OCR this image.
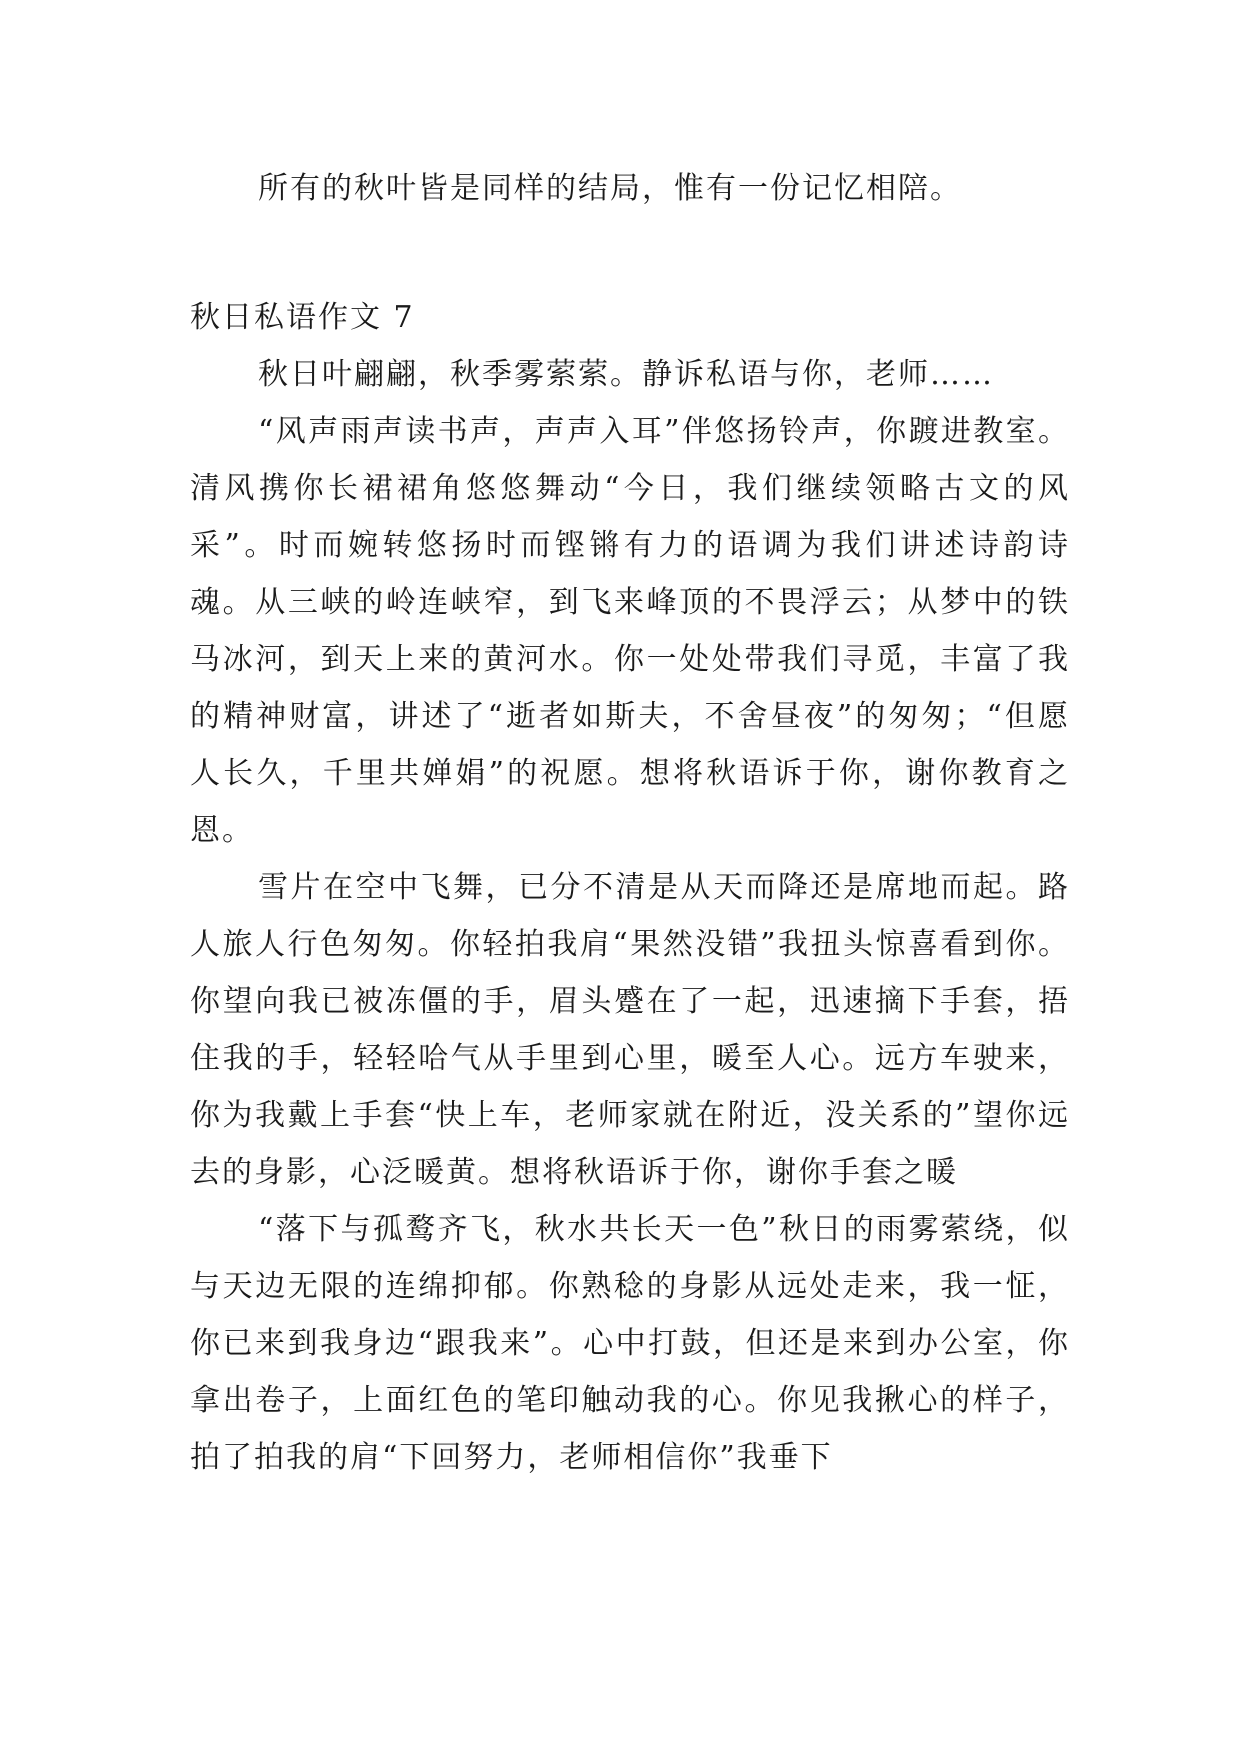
所有的秋叶皆是同样的结局，惟有一份记忆相陪。

秋日私语作文 7

秋日叶翩翩，秋季雾萦萦。静诉私语与你，老师……

“风声雨声读书声，声声入耳”伴悠扬铃声，你踱进教室。清风携你长裙裙角悠悠舞动“今日，我们继续领略古文的风采”。时而婉转悠扬时而铿锵有力的语调为我们讲述诗韵诗魂。从三峡的岭连峡窄，到飞来峰顶的不畏浮云；从梦中的铁马冰河，到天上来的黄河水。你一处处带我们寻觅，丰富了我的精神财富，讲述了“逝者如斯夫，不舍昼夜”的匆匆；“但愿人长久，千里共婵娟”的祝愿。想将秋语诉于你，谢你教育之恩。

雪片在空中飞舞，已分不清是从天而降还是席地而起。路人旅人行色匆匆。你轻拍我肩“果然没错”我扭头惊喜看到你。你望向我已被冻僵的手，眉头蹙在了一起，迅速摘下手套，捂住我的手，轻轻哈气从手里到心里，暖至人心。远方车驶来，你为我戴上手套“快上车，老师家就在附近，没关系的”望你远去的身影，心泛暖黄。想将秋语诉于你，谢你手套之暖

“落下与孤鹜齐飞，秋水共长天一色”秋日的雨雾萦绕，似与天边无限的连绵抑郁。你熟稔的身影从远处走来，我一怔，你已来到我身边“跟我来”。心中打鼓，但还是来到办公室，你拿出卷子，上面红色的笔印触动我的心。你见我揪心的样子，拍了拍我的肩“下回努力，老师相信你”我垂下
